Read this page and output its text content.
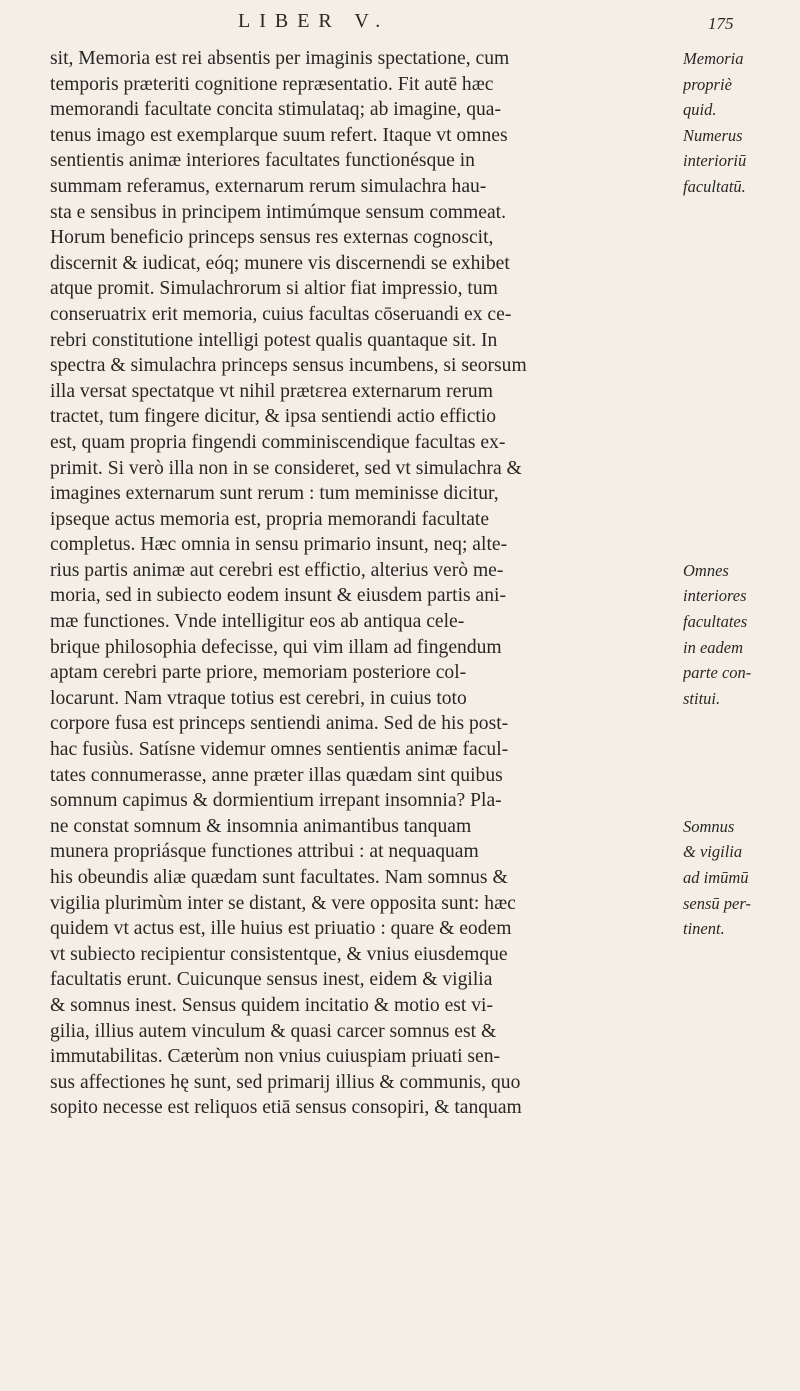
LIBER V.	175
sit, Memoria est rei absentis per imaginis spectatione, cum
temporis præteriti cognitione repræsentatio. Fit autē hæc
memorandi facultate concita stimulataq; ab imagine, qua-
tenus imago est exemplarque suum refert. Itaque vt omnes
sentientis animæ interiores facultates functionésque in
summam referamus, externarum rerum simulachra hau-
sta e sensibus in principem intimúmque sensum commeat.
Horum beneficio princeps sensus res externas cognoscit,
discernit & iudicat, eóq; munere vis discernendi se exhibet
atque promit. Simulachrorum si altior fiat impressio, tum
conseruatrix erit memoria, cuius facultas cōseruandi ex ce-
rebri constitutione intelligi potest qualis quantaque sit. In
spectra & simulachra princeps sensus incumbens, si seorsum
illa versat spectatque vt nihil prætεrea externarum rerum
tractet, tum fingere dicitur, & ipsa sentiendi actio effictio
est, quam propria fingendi comminiscendique facultas ex-
primit. Si verò illa non in se consideret, sed vt simulachra &
imagines externarum sunt rerum : tum meminisse dicitur,
ipseque actus memoria est, propria memorandi facultate
completus. Hæc omnia in sensu primario insunt, neq; alte-
rius partis animæ aut cerebri est effictio, alterius verò me-
moria, sed in subiecto eodem insunt & eiusdem partis ani-
mæ functiones. Vnde intelligitur eos ab antiqua cele-
brique philosophia defecisse, qui vim illam ad fingendum
aptam cerebri parte priore, memoriam posteriore col-
locarunt. Nam vtraque totius est cerebri, in cuius toto
corpore fusa est princeps sentiendi anima. Sed de his post-
hac fusiùs. Satísne videmur omnes sentientis animæ facul-
tates connumerasse, anne præter illas quædam sint quibus
somnum capimus & dormientium irrepant insomnia? Pla-
ne constat somnum & insomnia animantibus tanquam
munera propriásque functiones attribui : at nequaquam
his obeundis aliæ quædam sunt facultates. Nam somnus &
vigilia plurimùm inter se distant, & vere opposita sunt: hæc
quidem vt actus est, ille huius est priuatio : quare & eodem
vt subiecto recipientur consistentque, & vnius eiusdemque
facultatis erunt. Cuicunque sensus inest, eidem & vigilia
& somnus inest. Sensus quidem incitatio & motio est vi-
gilia, illius autem vinculum & quasi carcer somnus est &
immutabilitas. Cæterùm non vnius cuiuspiam priuati sen-
sus affectiones hę sunt, sed primarij illius & communis, quo
sopito necesse est reliquos etiā sensus consopiri, & tanquam
Memoria
propriè
quid.
Numerus
interioriū
facultatū.
Omnes
interiores
facultates
in eadem
parte con-
stitui.
Somnus
& vigilia
ad imūmū
sensū per-
tinent.
